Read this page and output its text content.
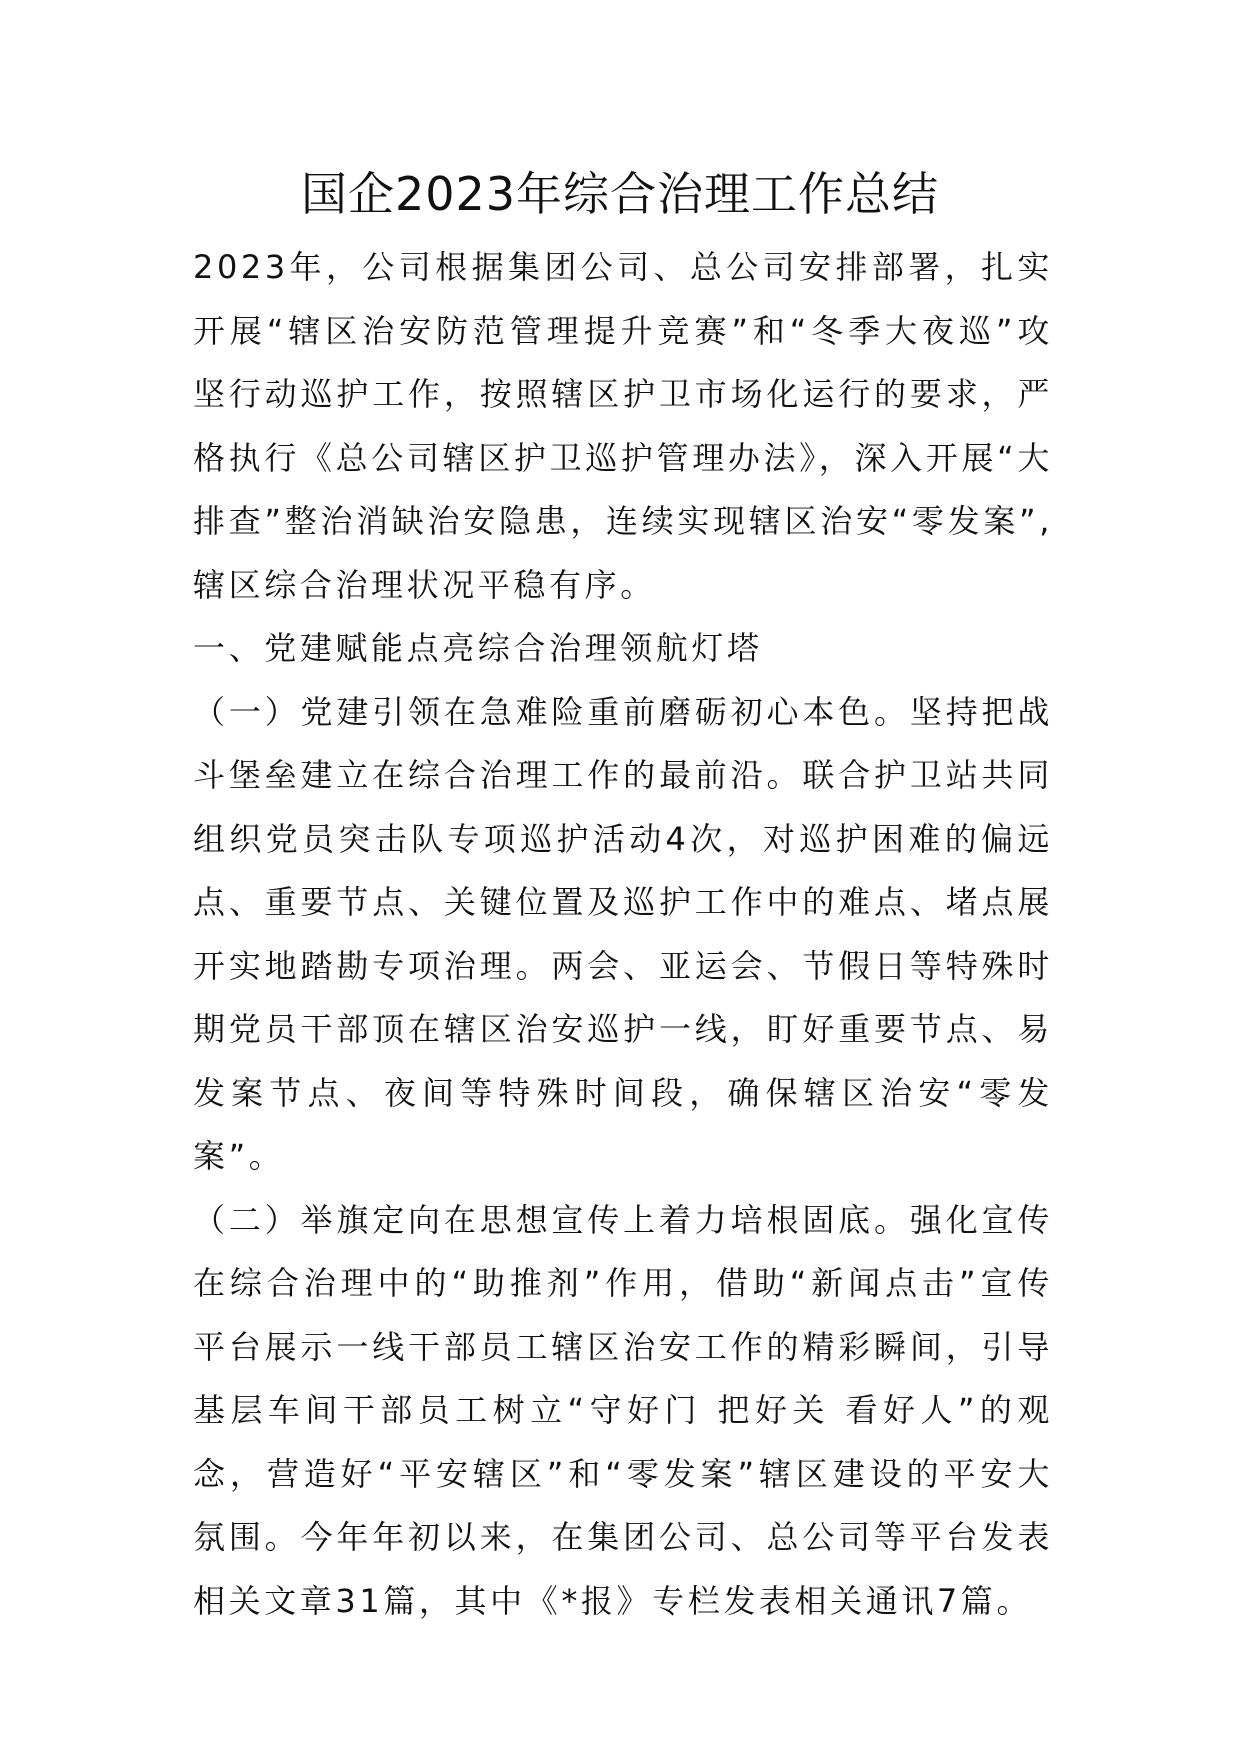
国企2023年综合治理工作总结

2023年，公司根据集团公司、总公司安排部署，扎实开展“辖区治安防范管理提升竞赛”和“冬季大夜巡”攻坚行动巡护工作，按照辖区护卫市场化运行的要求，严格执行《总公司辖区护卫巡护管理办法》，深入开展“大排查”整治消缺治安隐患，连续实现辖区治安“零发案”,辖区综合治理状况平稳有序。

一、党建赋能点亮综合治理领航灯塔

（一）党建引领在急难险重前磨砺初心本色。坚持把战斗堡垒建立在综合治理工作的最前沿。联合护卫站共同组织党员突击队专项巡护活动4次，对巡护困难的偏远点、重要节点、关键位置及巡护工作中的难点、堵点展开实地踏勘专项治理。两会、亚运会、节假日等特殊时期党员干部顶在辖区治安巡护一线，盯好重要节点、易发案节点、夜间等特殊时间段，确保辖区治安“零发案”。

（二）举旗定向在思想宣传上着力培根固底。强化宣传在综合治理中的“助推剂”作用，借助“新闻点击”宣传平台展示一线干部员工辖区治安工作的精彩瞬间，引导基层车间干部员工树立“守好门 把好关 看好人”的观念，营造好“平安辖区”和“零发案”辖区建设的平安大氛围。今年年初以来，在集团公司、总公司等平台发表相关文章31篇，其中《*报》专栏发表相关通讯7篇。
